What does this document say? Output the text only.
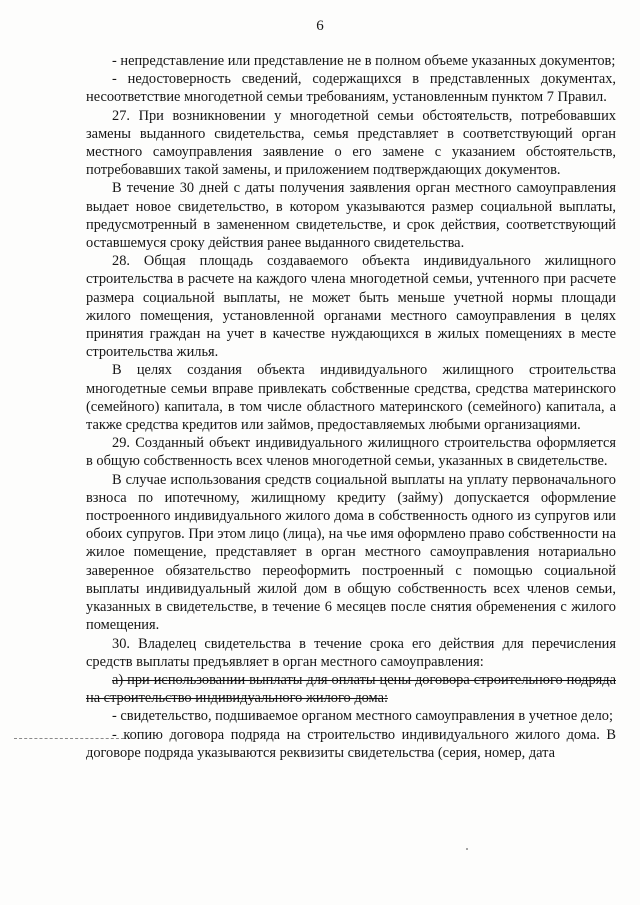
6

- непредставление или представление не в полном объеме указанных документов;

- недостоверность сведений, содержащихся в представленных документах, несоответствие многодетной семьи требованиям, установленным пунктом 7 Правил.

27. При возникновении у многодетной семьи обстоятельств, потребовавших замены выданного свидетельства, семья представляет в соответствующий орган местного самоуправления заявление о его замене с указанием обстоятельств, потребовавших такой замены, и приложением подтверждающих документов.

В течение 30 дней с даты получения заявления орган местного самоуправления выдает новое свидетельство, в котором указываются размер социальной выплаты, предусмотренный в замененном свидетельстве, и срок действия, соответствующий оставшемуся сроку действия ранее выданного свидетельства.

28. Общая площадь создаваемого объекта индивидуального жилищного строительства в расчете на каждого члена многодетной семьи, учтенного при расчете размера социальной выплаты, не может быть меньше учетной нормы площади жилого помещения, установленной органами местного самоуправления в целях принятия граждан на учет в качестве нуждающихся в жилых помещениях в месте строительства жилья.

В целях создания объекта индивидуального жилищного строительства многодетные семьи вправе привлекать собственные средства, средства материнского (семейного) капитала, в том числе областного материнского (семейного) капитала, а также средства кредитов или займов, предоставляемых любыми организациями.

29. Созданный объект индивидуального жилищного строительства оформляется в общую собственность всех членов многодетной семьи, указанных в свидетельстве.

В случае использования средств социальной выплаты на уплату первоначального взноса по ипотечному, жилищному кредиту (займу) допускается оформление построенного индивидуального жилого дома в собственность одного из супругов или обоих супругов. При этом лицо (лица), на чье имя оформлено право собственности на жилое помещение, представляет в орган местного самоуправления нотариально заверенное обязательство переоформить построенный с помощью социальной выплаты индивидуальный жилой дом в общую собственность всех членов семьи, указанных в свидетельстве, в течение 6 месяцев после снятия обременения с жилого помещения.

30. Владелец свидетельства в течение срока его действия для перечисления средств выплаты предъявляет в орган местного самоуправления:

а) при использовании выплаты для оплаты цены договора строительного подряда на строительство индивидуального жилого дома:

- свидетельство, подшиваемое органом местного самоуправления в учетное дело;

- копию договора подряда на строительство индивидуального жилого дома. В договоре подряда указываются реквизиты свидетельства (серия, номер, дата
